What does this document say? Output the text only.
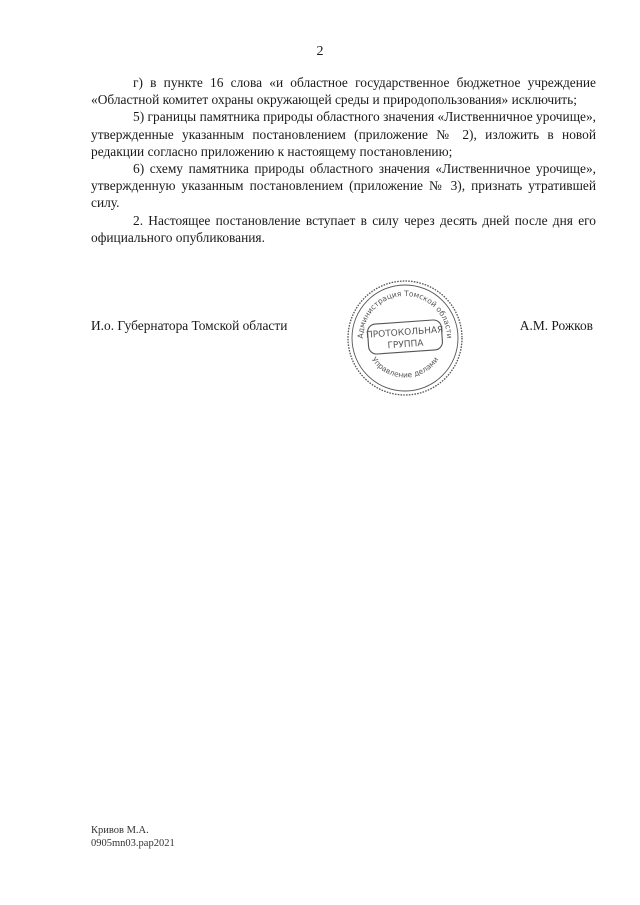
2

г) в пункте 16 слова «и областное государственное бюджетное учреждение «Областной комитет охраны окружающей среды и природопользования» исключить;

5) границы памятника природы областного значения «Лиственничное урочище», утвержденные указанным постановлением (приложение № 2), изложить в новой редакции согласно приложению к настоящему постановлению;

6) схему памятника природы областного значения «Лиственничное урочище», утвержденную указанным постановлением (приложение № 3), признать утратившей силу.

2. Настоящее постановление вступает в силу через десять дней после дня его официального опубликования.

И.о. Губернатора Томской области	А.М. Рожков
Администрация Томской области
Управление делами
ПРОТОКОЛЬНАЯ
ГРУППА
Кривов М.А.
0905mn03.pap2021
